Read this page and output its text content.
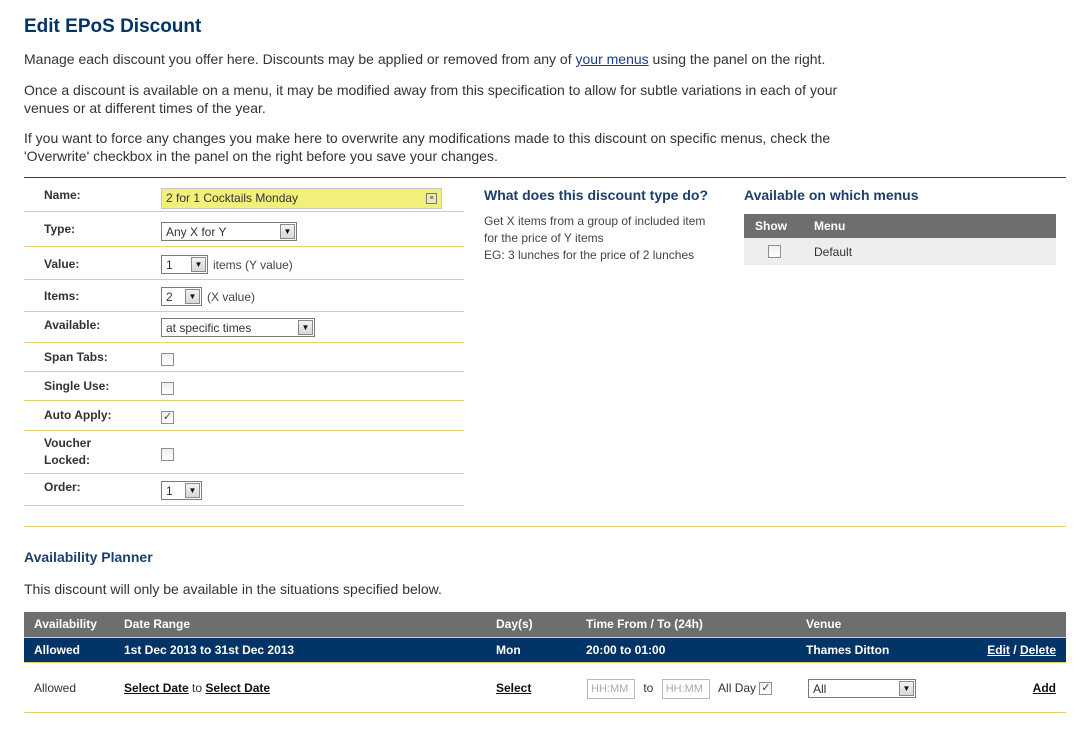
Edit EPoS Discount

Manage each discount you offer here. Discounts may be applied or removed from any of your menus using the panel on the right.

Once a discount is available on a menu, it may be modified away from this specification to allow for subtle variations in each of your venues or at different times of the year.

If you want to force any changes you make here to overwrite any modifications made to this discount on specific menus, check the 'Overwrite' checkbox in the panel on the right before you save your changes.

Name:	2 for 1 Cocktails Monday	≡
Type:	Any X for Y	▼
Value:	1	▼ items (Y value)
Items:	2	▼ (X value)
Available:	at specific times	▼
Span Tabs:
Single Use:
Auto Apply:	✓
Voucher
Locked:
Order:	1	▼
What does this discount type do?
Get X items from a group of included item
for the price of Y items
EG: 3 lunches for the price of 2 lunches
Available on which menus
Show Menu
Default
Availability Planner

This discount will only be available in the situations specified below.

Availability Date Range	Day(s)	Time From / To (24h)	Venue
Allowed	1st Dec 2013 to 31st Dec 2013	Mon	20:00 to 01:00	Thames Ditton	Edit / Delete
Allowed	Select Date to Select Date	Select	HH:MM to HH:MM All Day ✓	All	▼	Add
